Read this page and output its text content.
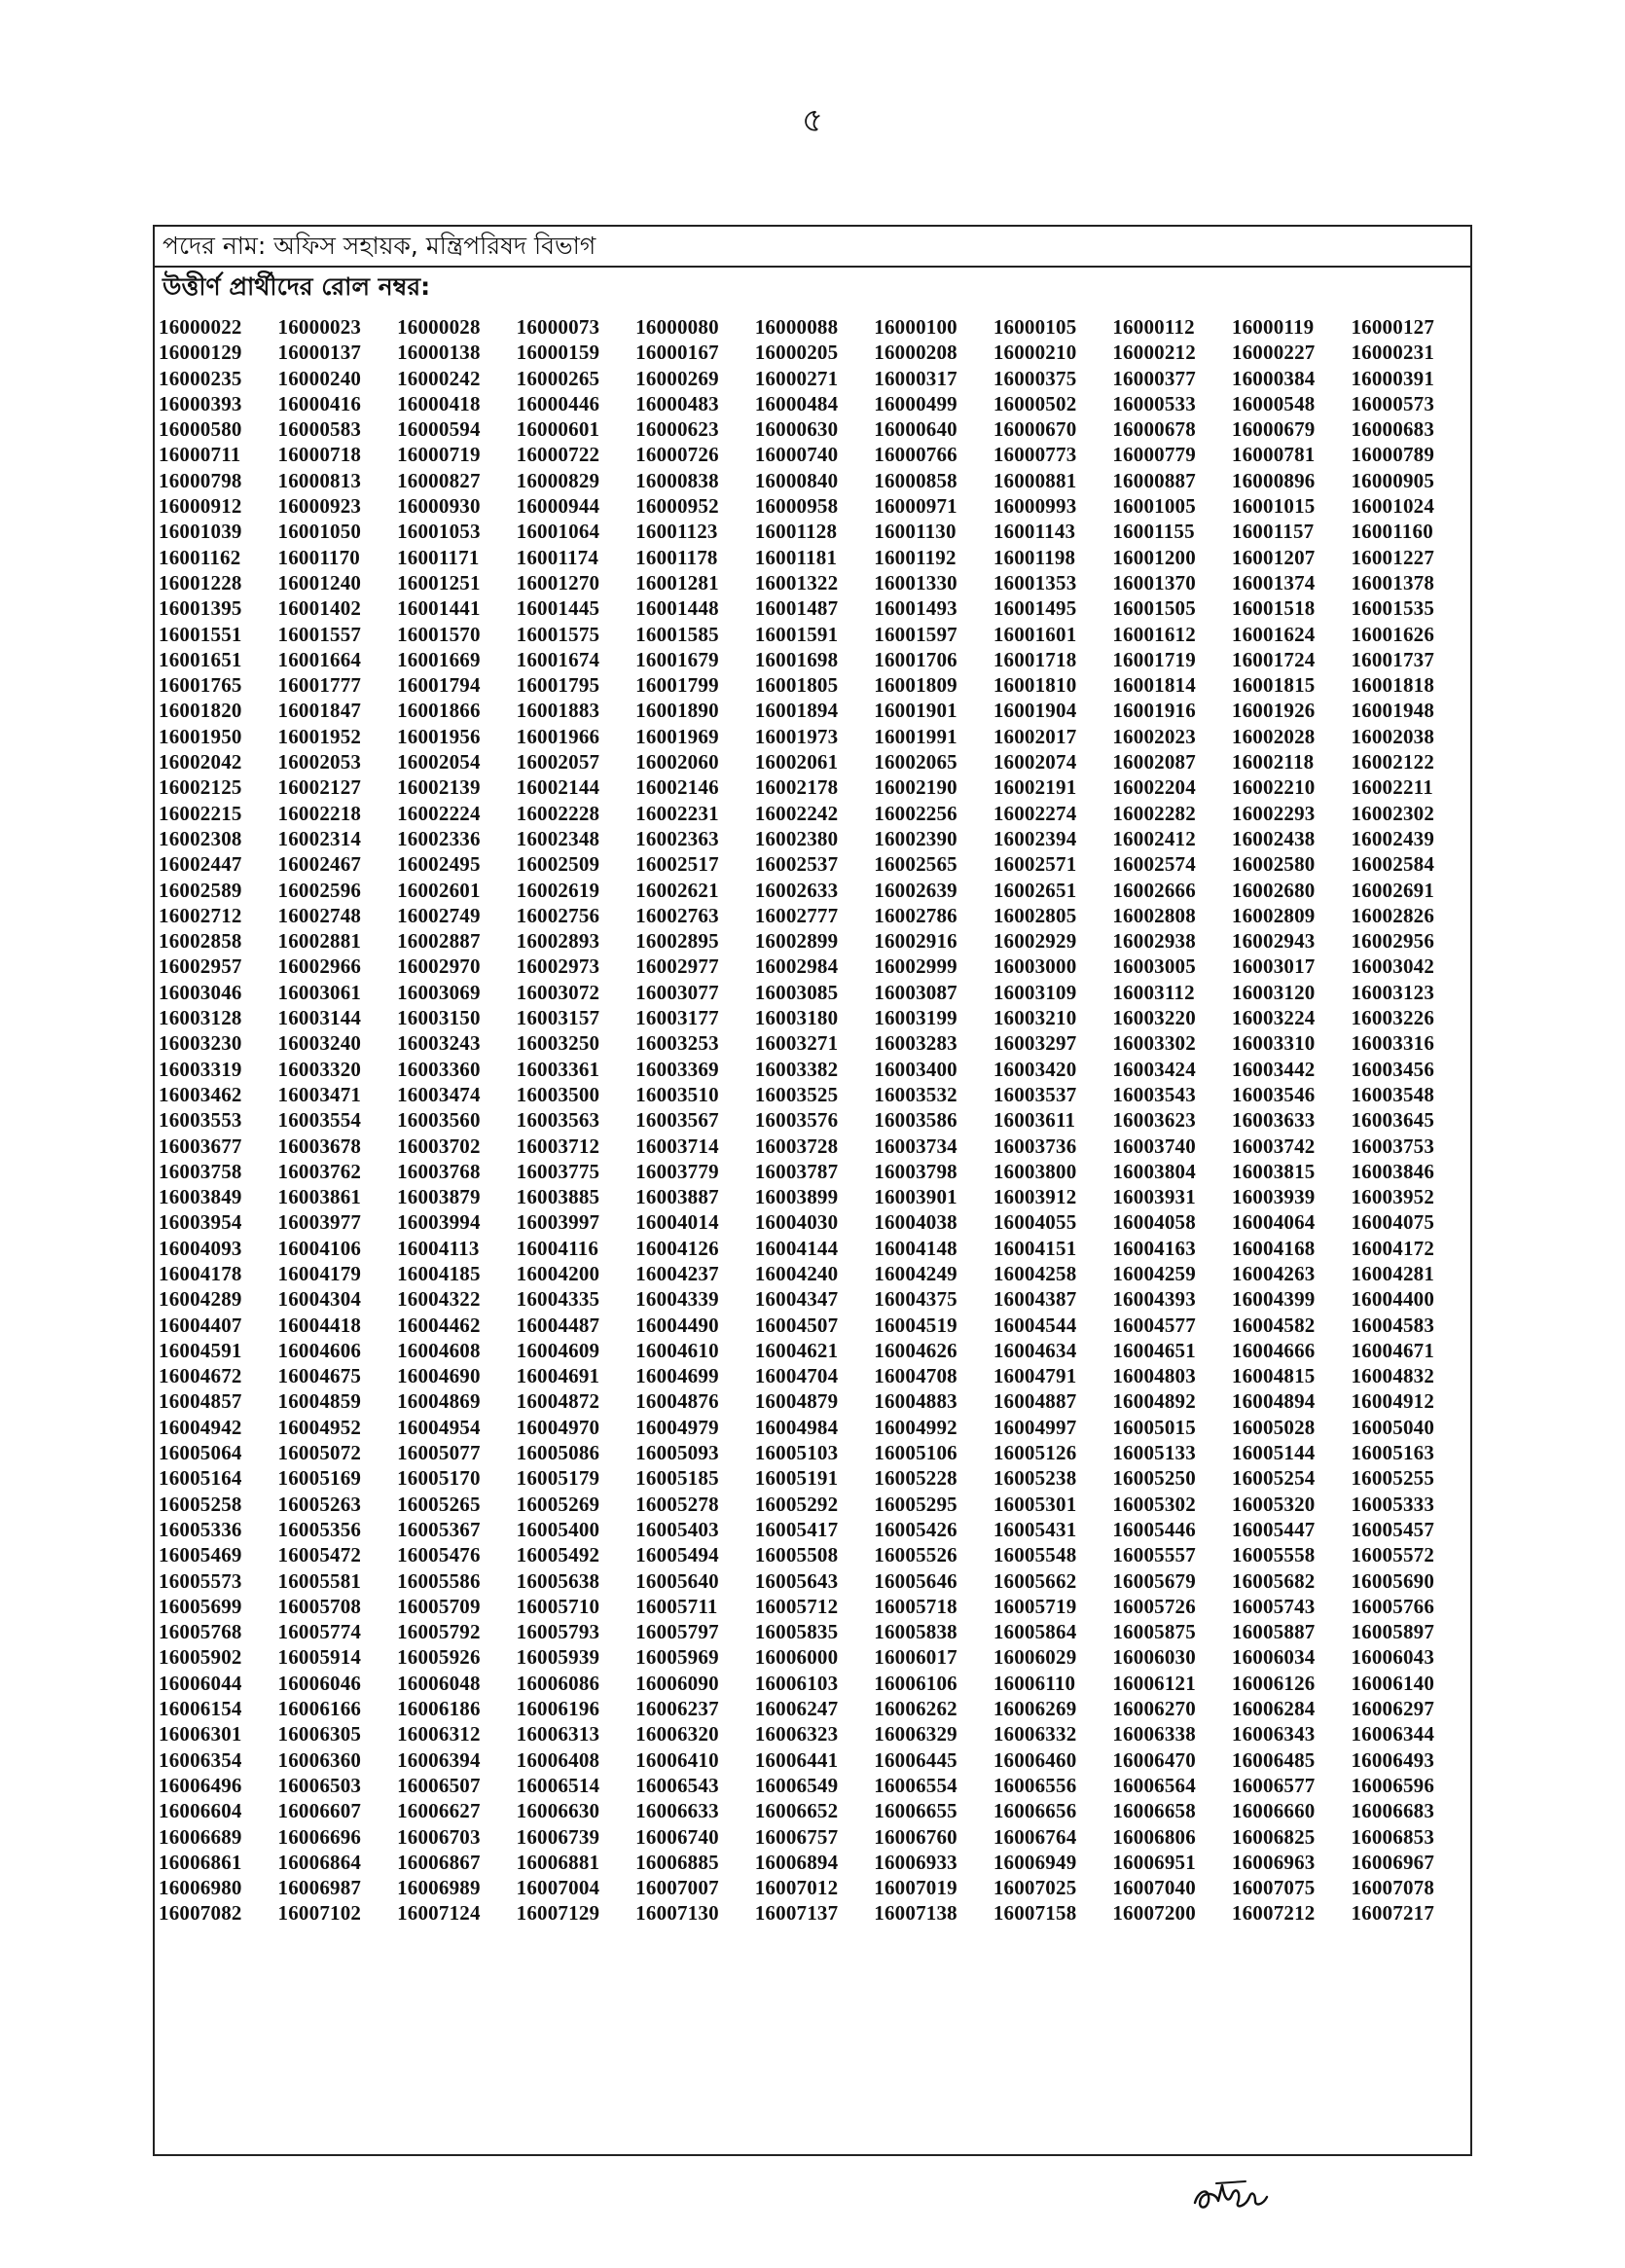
৫
পদের নাম: অফিস সহায়ক, মন্ত্রিপরিষদ বিভাগ
উত্তীর্ণ প্রার্থীদের রোল নম্বর:
16000022	16000023	16000028	16000073	16000080	16000088	16000100	16000105	16000112	16000119	16000127
16000129	16000137	16000138	16000159	16000167	16000205	16000208	16000210	16000212	16000227	16000231
16000235	16000240	16000242	16000265	16000269	16000271	16000317	16000375	16000377	16000384	16000391
16000393	16000416	16000418	16000446	16000483	16000484	16000499	16000502	16000533	16000548	16000573
16000580	16000583	16000594	16000601	16000623	16000630	16000640	16000670	16000678	16000679	16000683
16000711	16000718	16000719	16000722	16000726	16000740	16000766	16000773	16000779	16000781	16000789
16000798	16000813	16000827	16000829	16000838	16000840	16000858	16000881	16000887	16000896	16000905
16000912	16000923	16000930	16000944	16000952	16000958	16000971	16000993	16001005	16001015	16001024
16001039	16001050	16001053	16001064	16001123	16001128	16001130	16001143	16001155	16001157	16001160
16001162	16001170	16001171	16001174	16001178	16001181	16001192	16001198	16001200	16001207	16001227
16001228	16001240	16001251	16001270	16001281	16001322	16001330	16001353	16001370	16001374	16001378
16001395	16001402	16001441	16001445	16001448	16001487	16001493	16001495	16001505	16001518	16001535
16001551	16001557	16001570	16001575	16001585	16001591	16001597	16001601	16001612	16001624	16001626
16001651	16001664	16001669	16001674	16001679	16001698	16001706	16001718	16001719	16001724	16001737
16001765	16001777	16001794	16001795	16001799	16001805	16001809	16001810	16001814	16001815	16001818
16001820	16001847	16001866	16001883	16001890	16001894	16001901	16001904	16001916	16001926	16001948
16001950	16001952	16001956	16001966	16001969	16001973	16001991	16002017	16002023	16002028	16002038
16002042	16002053	16002054	16002057	16002060	16002061	16002065	16002074	16002087	16002118	16002122
16002125	16002127	16002139	16002144	16002146	16002178	16002190	16002191	16002204	16002210	16002211
16002215	16002218	16002224	16002228	16002231	16002242	16002256	16002274	16002282	16002293	16002302
16002308	16002314	16002336	16002348	16002363	16002380	16002390	16002394	16002412	16002438	16002439
16002447	16002467	16002495	16002509	16002517	16002537	16002565	16002571	16002574	16002580	16002584
16002589	16002596	16002601	16002619	16002621	16002633	16002639	16002651	16002666	16002680	16002691
16002712	16002748	16002749	16002756	16002763	16002777	16002786	16002805	16002808	16002809	16002826
16002858	16002881	16002887	16002893	16002895	16002899	16002916	16002929	16002938	16002943	16002956
16002957	16002966	16002970	16002973	16002977	16002984	16002999	16003000	16003005	16003017	16003042
16003046	16003061	16003069	16003072	16003077	16003085	16003087	16003109	16003112	16003120	16003123
16003128	16003144	16003150	16003157	16003177	16003180	16003199	16003210	16003220	16003224	16003226
16003230	16003240	16003243	16003250	16003253	16003271	16003283	16003297	16003302	16003310	16003316
16003319	16003320	16003360	16003361	16003369	16003382	16003400	16003420	16003424	16003442	16003456
16003462	16003471	16003474	16003500	16003510	16003525	16003532	16003537	16003543	16003546	16003548
16003553	16003554	16003560	16003563	16003567	16003576	16003586	16003611	16003623	16003633	16003645
16003677	16003678	16003702	16003712	16003714	16003728	16003734	16003736	16003740	16003742	16003753
16003758	16003762	16003768	16003775	16003779	16003787	16003798	16003800	16003804	16003815	16003846
16003849	16003861	16003879	16003885	16003887	16003899	16003901	16003912	16003931	16003939	16003952
16003954	16003977	16003994	16003997	16004014	16004030	16004038	16004055	16004058	16004064	16004075
16004093	16004106	16004113	16004116	16004126	16004144	16004148	16004151	16004163	16004168	16004172
16004178	16004179	16004185	16004200	16004237	16004240	16004249	16004258	16004259	16004263	16004281
16004289	16004304	16004322	16004335	16004339	16004347	16004375	16004387	16004393	16004399	16004400
16004407	16004418	16004462	16004487	16004490	16004507	16004519	16004544	16004577	16004582	16004583
16004591	16004606	16004608	16004609	16004610	16004621	16004626	16004634	16004651	16004666	16004671
16004672	16004675	16004690	16004691	16004699	16004704	16004708	16004791	16004803	16004815	16004832
16004857	16004859	16004869	16004872	16004876	16004879	16004883	16004887	16004892	16004894	16004912
16004942	16004952	16004954	16004970	16004979	16004984	16004992	16004997	16005015	16005028	16005040
16005064	16005072	16005077	16005086	16005093	16005103	16005106	16005126	16005133	16005144	16005163
16005164	16005169	16005170	16005179	16005185	16005191	16005228	16005238	16005250	16005254	16005255
16005258	16005263	16005265	16005269	16005278	16005292	16005295	16005301	16005302	16005320	16005333
16005336	16005356	16005367	16005400	16005403	16005417	16005426	16005431	16005446	16005447	16005457
16005469	16005472	16005476	16005492	16005494	16005508	16005526	16005548	16005557	16005558	16005572
16005573	16005581	16005586	16005638	16005640	16005643	16005646	16005662	16005679	16005682	16005690
16005699	16005708	16005709	16005710	16005711	16005712	16005718	16005719	16005726	16005743	16005766
16005768	16005774	16005792	16005793	16005797	16005835	16005838	16005864	16005875	16005887	16005897
16005902	16005914	16005926	16005939	16005969	16006000	16006017	16006029	16006030	16006034	16006043
16006044	16006046	16006048	16006086	16006090	16006103	16006106	16006110	16006121	16006126	16006140
16006154	16006166	16006186	16006196	16006237	16006247	16006262	16006269	16006270	16006284	16006297
16006301	16006305	16006312	16006313	16006320	16006323	16006329	16006332	16006338	16006343	16006344
16006354	16006360	16006394	16006408	16006410	16006441	16006445	16006460	16006470	16006485	16006493
16006496	16006503	16006507	16006514	16006543	16006549	16006554	16006556	16006564	16006577	16006596
16006604	16006607	16006627	16006630	16006633	16006652	16006655	16006656	16006658	16006660	16006683
16006689	16006696	16006703	16006739	16006740	16006757	16006760	16006764	16006806	16006825	16006853
16006861	16006864	16006867	16006881	16006885	16006894	16006933	16006949	16006951	16006963	16006967
16006980	16006987	16006989	16007004	16007007	16007012	16007019	16007025	16007040	16007075	16007078
16007082	16007102	16007124	16007129	16007130	16007137	16007138	16007158	16007200	16007212	16007217
